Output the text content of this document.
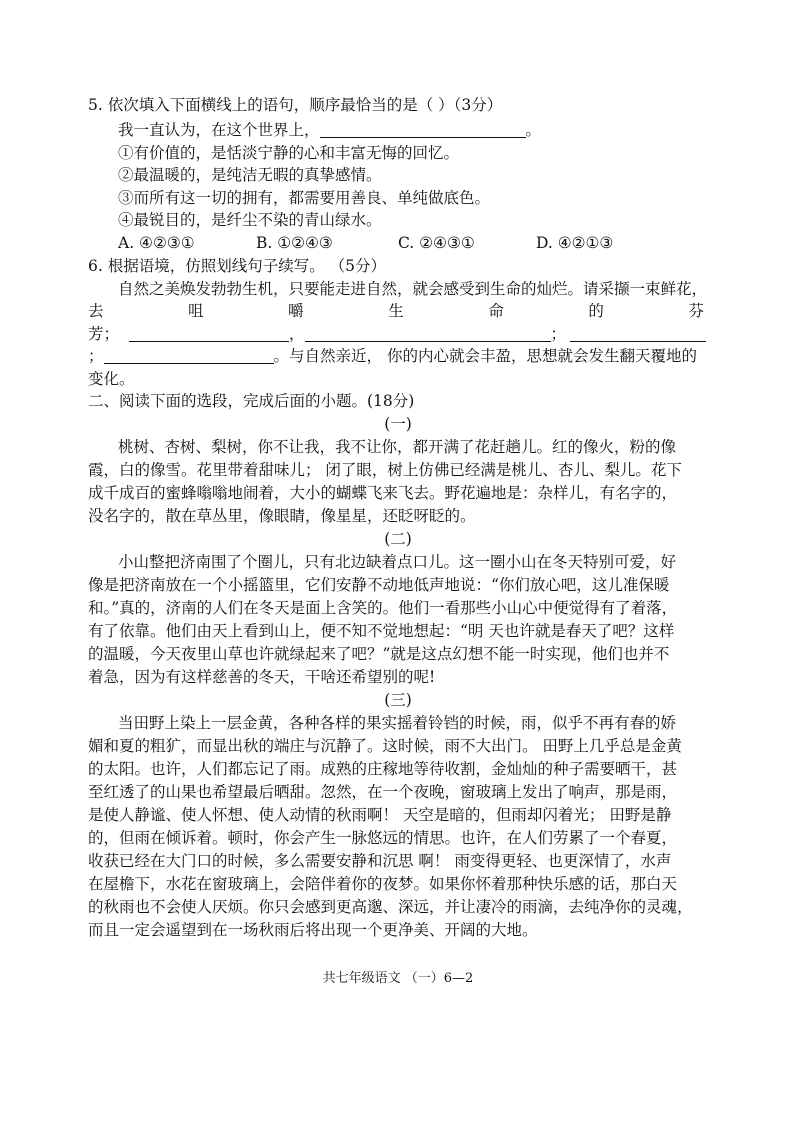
5. 依次填入下面横线上的语句，顺序最恰当的是（ ）（3分）
我一直认为，在这个世界上，	。
①有价值的，是恬淡宁静的心和丰富无悔的回忆。
②最温暖的，是纯洁无暇的真挚感情。
③而所有这一切的拥有，都需要用善良、单纯做底色。
④最锐目的，是纤尘不染的青山绿水。
A. ④②③①	B. ①②④③	C. ②④③①	D. ④②①③
6. 根据语境，仿照划线句子续写。 （5分）
自然之美焕发勃勃生机，只要能走进自然，就会感受到生命的灿烂。请采撷一束鲜花，
去	咀	嚼	生	命	的	芬
芳；	，	；
；	。与自然亲近， 你的内心就会丰盈，思想就会发生翻天覆地的
变化。
二、阅读下面的选段，完成后面的小题。(18分)
(一)
桃树、杏树、梨树，你不让我，我不让你，都开满了花赶趟儿。红的像火，粉的像
霞，白的像雪。花里带着甜味儿； 闭了眼，树上仿佛已经满是桃儿、杏儿、梨儿。花下
成千成百的蜜蜂嗡嗡地闹着，大小的蝴蝶飞来飞去。野花遍地是：杂样儿，有名字的，
没名字的，散在草丛里，像眼睛，像星星，还眨呀眨的。
(二)
小山整把济南围了个圈儿，只有北边缺着点口儿。这一圈小山在冬天特别可爱，好
像是把济南放在一个小摇篮里，它们安静不动地低声地说：“你们放心吧，这儿准保暖
和。”真的，济南的人们在冬天是面上含笑的。他们一看那些小山心中便觉得有了着落，
有了依靠。他们由天上看到山上，便不知不觉地想起：“明 天也许就是春天了吧？这样
的温暖，今天夜里山草也许就绿起来了吧？”就是这点幻想不能一时实现，他们也并不
着急，因为有这样慈善的冬天，干啥还希望别的呢!
(三)
当田野上染上一层金黄，各种各样的果实摇着铃铛的时候，雨，似乎不再有春的娇
媚和夏的粗犷，而显出秋的端庄与沉静了。这时候，雨不大出门。 田野上几乎总是金黄
的太阳。也许，人们都忘记了雨。成熟的庄稼地等待收割，金灿灿的种子需要晒干，甚
至红透了的山果也希望最后晒甜。忽然，在一个夜晚，窗玻璃上发出了响声，那是雨，
是使人静谧、使人怀想、使人动情的秋雨啊！ 天空是暗的，但雨却闪着光； 田野是静
的，但雨在倾诉着。顿时，你会产生一脉悠远的情思。也许，在人们劳累了一个春夏，
收获已经在大门口的时候，多么需要安静和沉思 啊！ 雨变得更轻、也更深情了，水声
在屋檐下，水花在窗玻璃上，会陪伴着你的夜梦。如果你怀着那种快乐感的话，那白天
的秋雨也不会使人厌烦。你只会感到更高邈、深远，并让凄冷的雨滴，去纯净你的灵魂，
而且一定会遥望到在一场秋雨后将出现一个更净美、开阔的大地。
共七年级语文 （一）6—2
